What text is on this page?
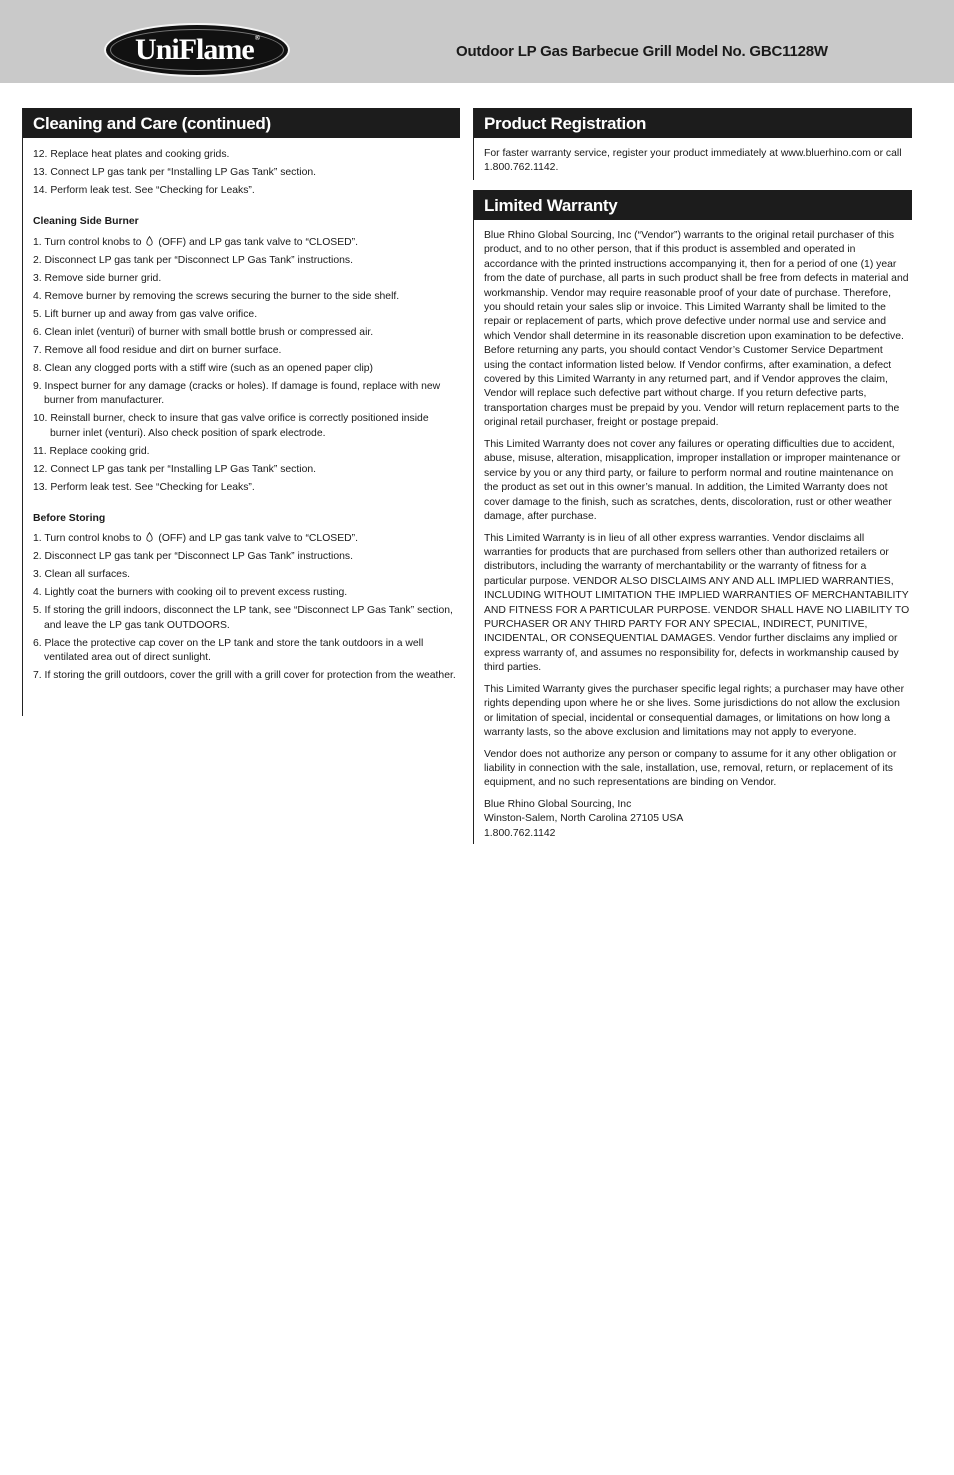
UniFlame®
Outdoor LP Gas Barbecue Grill Model No. GBC1128W
Cleaning and Care (continued)
12. Replace heat plates and cooking grids.
13. Connect LP gas tank per “Installing LP Gas Tank” section.
14. Perform leak test. See “Checking for Leaks”.
Cleaning Side Burner
1. Turn control knobs to  (OFF) and LP gas tank valve to “CLOSED”.
2. Disconnect LP gas tank per “Disconnect LP Gas Tank” instructions.
3. Remove side burner grid.
4. Remove burner by removing the screws securing the burner to the side shelf.
5. Lift burner up and away from gas valve orifice.
6. Clean inlet (venturi) of burner with small bottle brush or compressed air.
7. Remove all food residue and dirt on burner surface.
8. Clean any clogged ports with a stiff wire (such as an opened paper clip)
9. Inspect burner for any damage (cracks or holes). If damage is found, replace with new burner from manufacturer.
10. Reinstall burner, check to insure that gas valve orifice is correctly positioned inside burner inlet (venturi). Also check position of spark electrode.
11. Replace cooking grid.
12. Connect LP gas tank per “Installing LP Gas Tank” section.
13. Perform leak test. See “Checking for Leaks”.
Before Storing
1. Turn control knobs to  (OFF) and LP gas tank valve to “CLOSED”.
2. Disconnect LP gas tank per “Disconnect LP Gas Tank” instructions.
3. Clean all surfaces.
4. Lightly coat the burners with cooking oil to prevent excess rusting.
5. If storing the grill indoors, disconnect the LP tank, see “Disconnect LP Gas Tank” section, and leave the LP gas tank OUTDOORS.
6. Place the protective cap cover on the LP tank and store the tank outdoors in a well ventilated area out of direct sunlight.
7. If storing the grill outdoors, cover the grill with a grill cover for protection from the weather.
Product Registration

For faster warranty service, register your product immediately at www.bluerhino.com or call 1.800.762.1142.

Limited Warranty

Blue Rhino Global Sourcing, Inc (“Vendor”) warrants to the original retail purchaser of this product, and to no other person, that if this product is assembled and operated in accordance with the printed instructions accompanying it, then for a period of one (1) year from the date of purchase, all parts in such product shall be free from defects in material and workmanship. Vendor may require reasonable proof of your date of purchase. Therefore, you should retain your sales slip or invoice. This Limited Warranty shall be limited to the repair or replacement of parts, which prove defective under normal use and service and which Vendor shall determine in its reasonable discretion upon examination to be defective. Before returning any parts, you should contact Vendor’s Customer Service Department using the contact information listed below. If Vendor confirms, after examination, a defect covered by this Limited Warranty in any returned part, and if Vendor approves the claim, Vendor will replace such defective part without charge. If you return defective parts, transportation charges must be prepaid by you. Vendor will return replacement parts to the original retail purchaser, freight or postage prepaid.

This Limited Warranty does not cover any failures or operating difficulties due to accident, abuse, misuse, alteration, misapplication, improper installation or improper maintenance or service by you or any third party, or failure to perform normal and routine maintenance on the product as set out in this owner’s manual. In addition, the Limited Warranty does not cover damage to the finish, such as scratches, dents, discoloration, rust or other weather damage, after purchase.

This Limited Warranty is in lieu of all other express warranties. Vendor disclaims all warranties for products that are purchased from sellers other than authorized retailers or distributors, including the warranty of merchantability or the warranty of fitness for a particular purpose. VENDOR ALSO DISCLAIMS ANY AND ALL IMPLIED WARRANTIES, INCLUDING WITHOUT LIMITATION THE IMPLIED WARRANTIES OF MERCHANTABILITY AND FITNESS FOR A PARTICULAR PURPOSE. VENDOR SHALL HAVE NO LIABILITY TO PURCHASER OR ANY THIRD PARTY FOR ANY SPECIAL, INDIRECT, PUNITIVE, INCIDENTAL, OR CONSEQUENTIAL DAMAGES. Vendor further disclaims any implied or express warranty of, and assumes no responsibility for, defects in workmanship caused by third parties.

This Limited Warranty gives the purchaser specific legal rights; a purchaser may have other rights depending upon where he or she lives. Some jurisdictions do not allow the exclusion or limitation of special, incidental or consequential damages, or limitations on how long a warranty lasts, so the above exclusion and limitations may not apply to everyone.

Vendor does not authorize any person or company to assume for it any other obligation or liability in connection with the sale, installation, use, removal, return, or replacement of its equipment, and no such representations are binding on Vendor.

Blue Rhino Global Sourcing, Inc
Winston-Salem, North Carolina 27105 USA
1.800.762.1142
